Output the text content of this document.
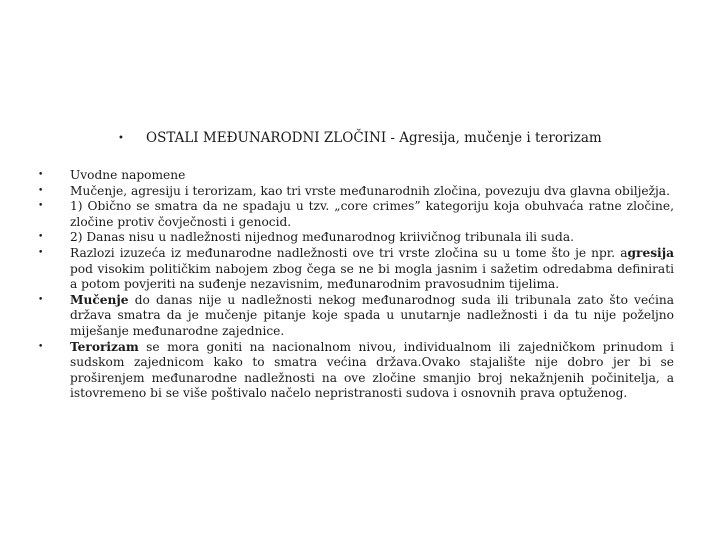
• OSTALI MEĐUNARODNI ZLOČINI - Agresija, mučenje i terorizam
• Uvodne napomene
• Mučenje, agresiju i terorizam, kao tri vrste međunarodnih zločina, povezuju dva glavna obilježja.
• 1) Obično se smatra da ne spadaju u tzv. „core crimes” kategoriju koja obuhvaća ratne zločine, zločine protiv čovječnosti i genocid.
• 2) Danas nisu u nadležnosti nijednog međunarodnog kriivičnog tribunala ili suda.
• Razlozi izuzeća iz međunarodne nadležnosti ove tri vrste zločina su u tome što je npr. agresija pod visokim političkim nabojem zbog čega se ne bi mogla jasnim i sažetim odredabma definirati a potom povjeriti na suđenje nezavisnim, međunarodnim pravosudnim tijelima.
• Mučenje do danas nije u nadležnosti nekog međunarodnog suda ili tribunala zato što većina država smatra da je mučenje pitanje koje spada u unutarnje nadležnosti i da tu nije poželjno miješanje međunarodne zajednice.
• Terorizam se mora goniti na nacionalnom nivou, individualnom ili zajedničkom prinudom i sudskom zajednicom kako to smatra većina država.Ovako stajalište nije dobro jer bi se proširenjem međunarodne nadležnosti na ove zločine smanjio broj nekažnjenih počinitelja, a istovremeno bi se više poštivalo načelo nepristranosti sudova i osnovnih prava optuženog.
